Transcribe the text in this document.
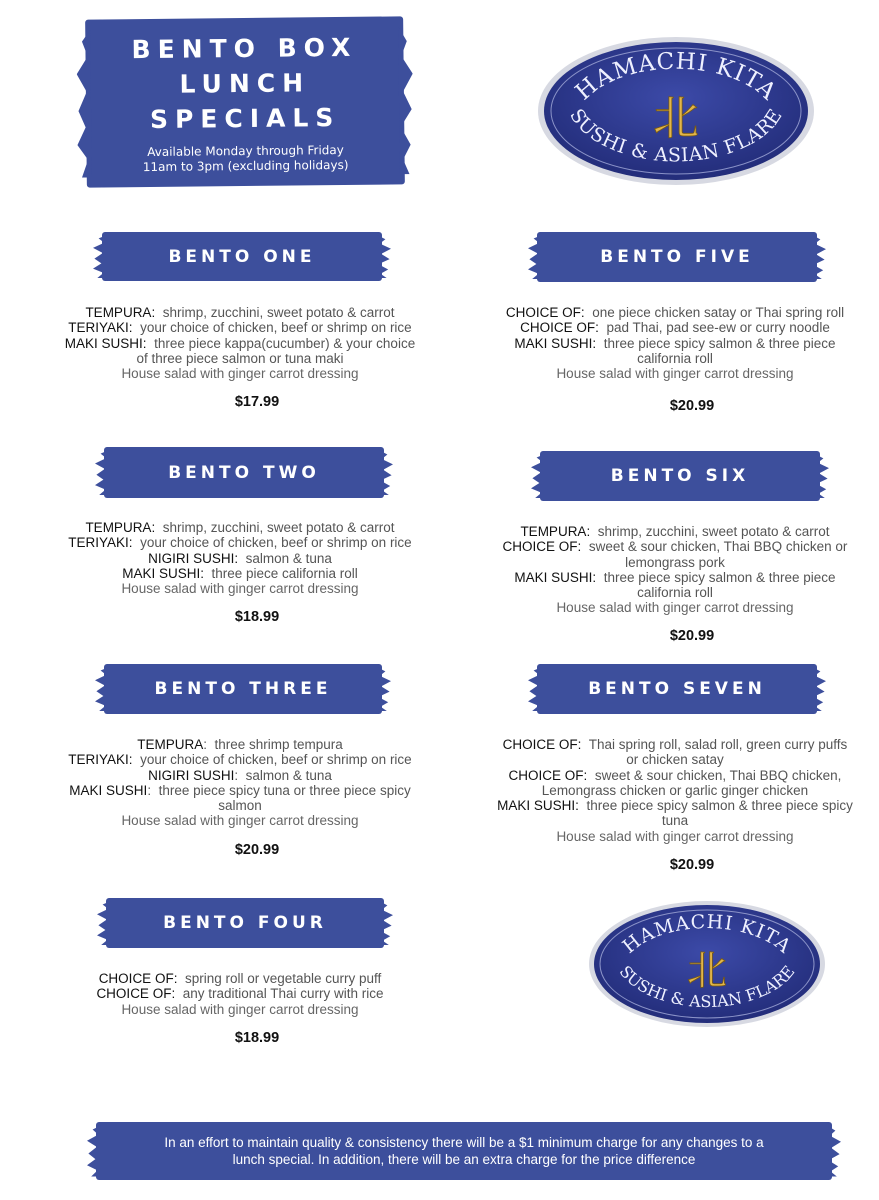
BENTO BOX
LUNCH
SPECIALS
Available Monday through Friday
11am to 3pm (excluding holidays)
HAMACHI KITA
SUSHI & ASIAN FLARE
北
HAMACHI KITA
SUSHI & ASIAN FLARE
北
BENTO ONE
BENTO TWO
BENTO THREE
BENTO FOUR
BENTO FIVE
BENTO SIX
BENTO SEVEN
TEMPURA:  shrimp, zucchini, sweet potato & carrot
TERIYAKI:  your choice of chicken, beef or shrimp on rice
MAKI SUSHI:  three piece kappa(cucumber) & your choice
of three piece salmon or tuna maki
House salad with ginger carrot dressing
$17.99
TEMPURA:  shrimp, zucchini, sweet potato & carrot
TERIYAKI:  your choice of chicken, beef or shrimp on rice
NIGIRI SUSHI:  salmon & tuna
MAKI SUSHI:  three piece california roll
House salad with ginger carrot dressing
$18.99
TEMPURA:  three shrimp tempura
TERIYAKI:  your choice of chicken, beef or shrimp on rice
NIGIRI SUSHI:  salmon & tuna
MAKI SUSHI:  three piece spicy tuna or three piece spicy
salmon
House salad with ginger carrot dressing
$20.99
CHOICE OF:  spring roll or vegetable curry puff
CHOICE OF:  any traditional Thai curry with rice
House salad with ginger carrot dressing
$18.99
CHOICE OF:  one piece chicken satay or Thai spring roll
CHOICE OF:  pad Thai, pad see-ew or curry noodle
MAKI SUSHI:  three piece spicy salmon & three piece
california roll
House salad with ginger carrot dressing
$20.99
TEMPURA:  shrimp, zucchini, sweet potato & carrot
CHOICE OF:  sweet & sour chicken, Thai BBQ chicken or
lemongrass pork
MAKI SUSHI:  three piece spicy salmon & three piece
california roll
House salad with ginger carrot dressing
$20.99
CHOICE OF:  Thai spring roll, salad roll, green curry puffs
or chicken satay
CHOICE OF:  sweet & sour chicken, Thai BBQ chicken,
Lemongrass chicken or garlic ginger chicken
MAKI SUSHI:  three piece spicy salmon & three piece spicy
tuna
House salad with ginger carrot dressing
$20.99
In an effort to maintain quality & consistency there will be a $1 minimum charge for any changes to a
lunch special. In addition, there will be an extra charge for the price difference
